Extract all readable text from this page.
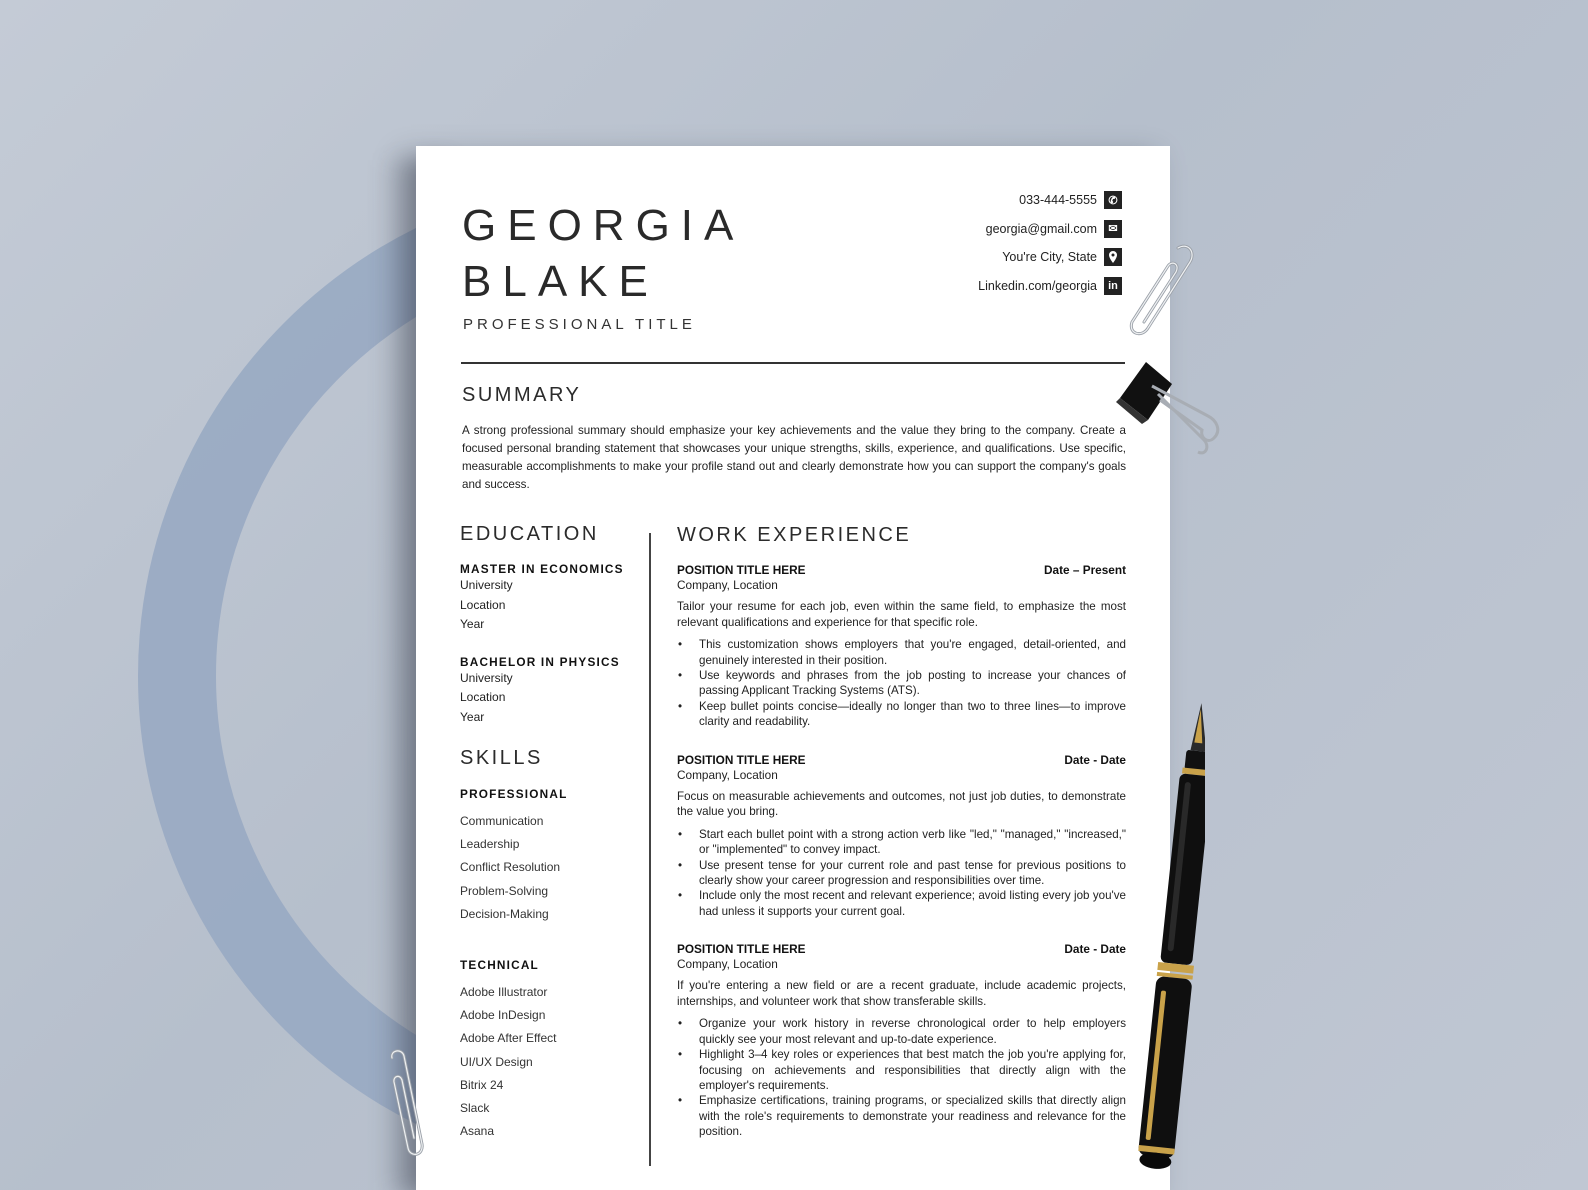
GEORGIA
BLAKE
PROFESSIONAL TITLE
033-444-5555	✆
georgia@gmail.com	✉
You're City, State
Linkedin.com/georgia	in
SUMMARY
A strong professional summary should emphasize your key achievements and the value they bring to the company. Create a focused personal branding statement that showcases your unique strengths, skills, experience, and qualifications. Use specific, measurable accomplishments to make your profile stand out and clearly demonstrate how you can support the company's goals and success.
EDUCATION
MASTER IN ECONOMICS
University
Location
Year
BACHELOR IN PHYSICS
University
Location
Year
SKILLS
PROFESSIONAL
Communication
Leadership
Conflict Resolution
Problem-Solving
Decision-Making
TECHNICAL
Adobe Illustrator
Adobe InDesign
Adobe After Effect
UI/UX Design
Bitrix 24
Slack
Asana
WORK EXPERIENCE
POSITION TITLE HERE	Date – Present
Company, Location
Tailor your resume for each job, even within the same field, to emphasize the most relevant qualifications and experience for that specific role.
• This customization shows employers that you're engaged, detail-oriented, and genuinely interested in their position.
• Use keywords and phrases from the job posting to increase your chances of passing Applicant Tracking Systems (ATS).
• Keep bullet points concise—ideally no longer than two to three lines—to improve clarity and readability.
POSITION TITLE HERE	Date - Date
Company, Location
Focus on measurable achievements and outcomes, not just job duties, to demonstrate the value you bring.
• Start each bullet point with a strong action verb like "led," "managed," "increased," or "implemented" to convey impact.
• Use present tense for your current role and past tense for previous positions to clearly show your career progression and responsibilities over time.
• Include only the most recent and relevant experience; avoid listing every job you've had unless it supports your current goal.
POSITION TITLE HERE	Date - Date
Company, Location
If you're entering a new field or are a recent graduate, include academic projects, internships, and volunteer work that show transferable skills.
• Organize your work history in reverse chronological order to help employers quickly see your most relevant and up-to-date experience.
• Highlight 3–4 key roles or experiences that best match the job you're applying for, focusing on achievements and responsibilities that directly align with the employer's requirements.
• Emphasize certifications, training programs, or specialized skills that directly align with the role's requirements to demonstrate your readiness and relevance for the position.
